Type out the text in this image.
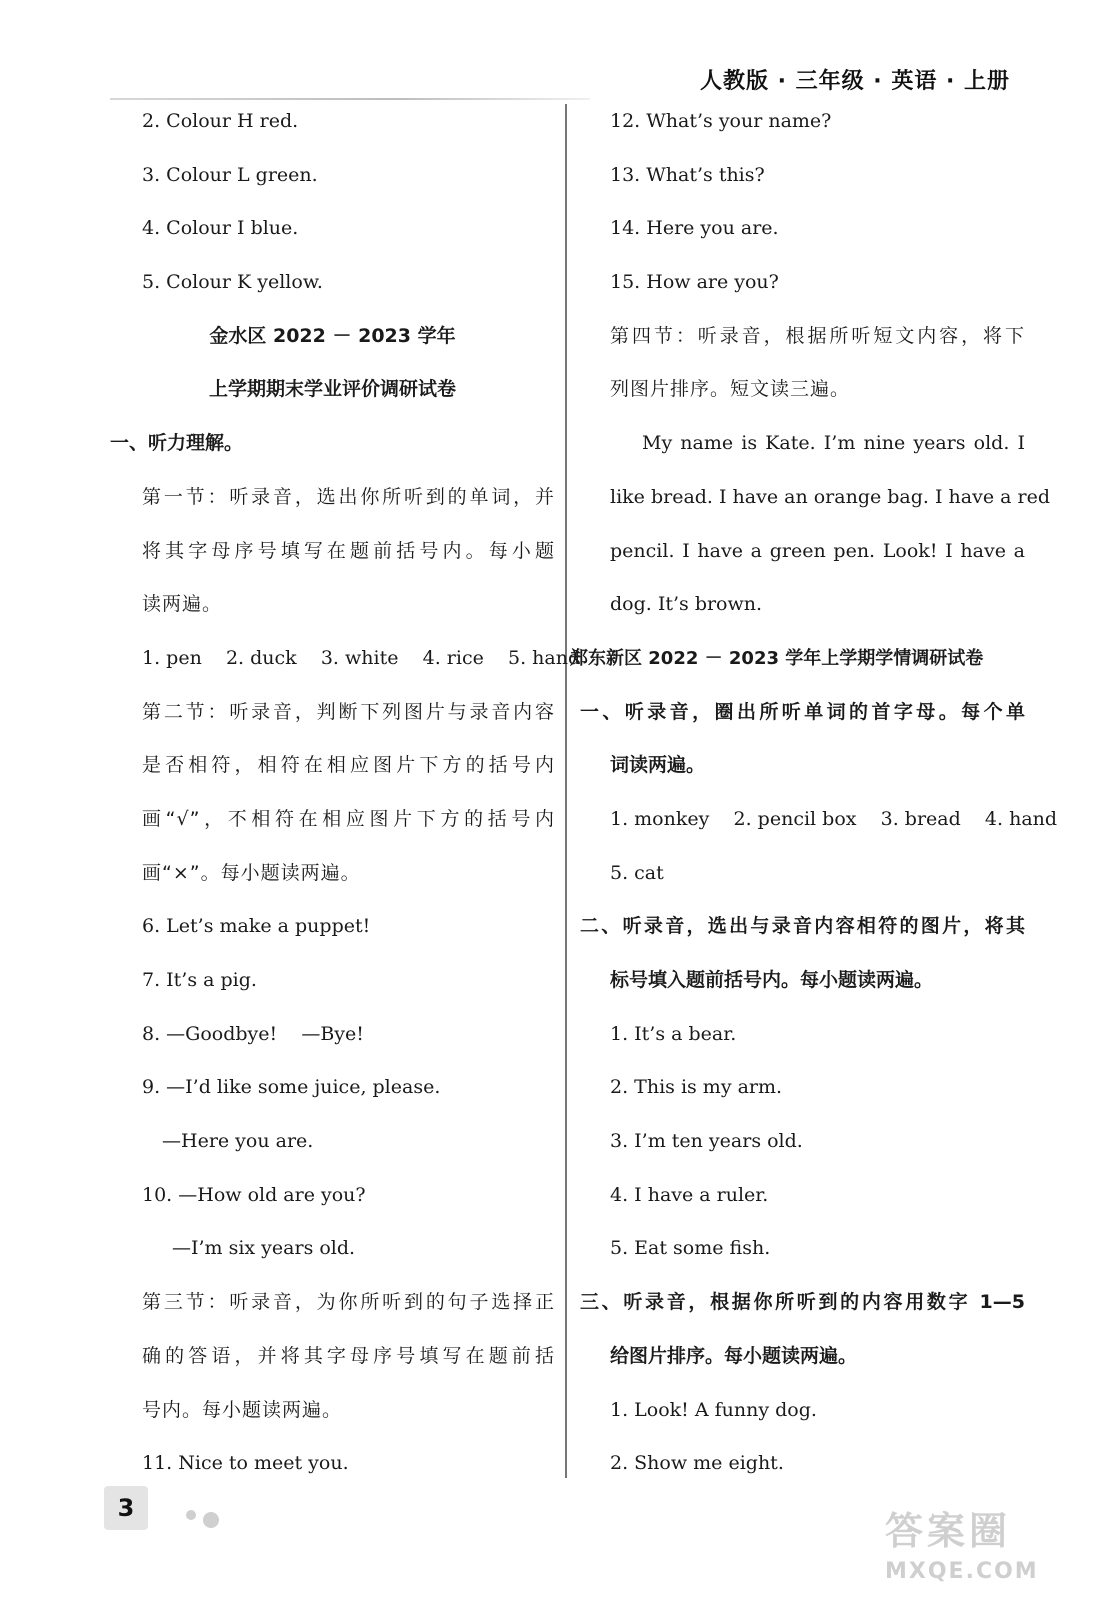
人教版 · 三年级 · 英语 · 上册
2. Colour H red.
3. Colour L green.
4. Colour I blue.
5. Colour K yellow.
金水区 2022 － 2023 学年
上学期期末学业评价调研试卷
一、听力理解。
第一节：听录音，选出你所听到的单词，并
将其字母序号填写在题前括号内。每小题
读两遍。
1. pen    2. duck    3. white    4. rice    5. hand
第二节：听录音，判断下列图片与录音内容
是否相符，相符在相应图片下方的括号内
画“√”，不相符在相应图片下方的括号内
画“×”。每小题读两遍。
6. Let’s make a puppet!
7. It’s a pig.
8. —Goodbye!    —Bye!
9. —I’d like some juice, please.
—Here you are.
10. —How old are you?
—I’m six years old.
第三节：听录音，为你所听到的句子选择正
确的答语，并将其字母序号填写在题前括
号内。每小题读两遍。
11. Nice to meet you.
12. What’s your name?
13. What’s this?
14. Here you are.
15. How are you?
第四节：听录音，根据所听短文内容，将下
列图片排序。短文读三遍。
My name is Kate. I’m nine years old. I
like bread. I have an orange bag. I have a red
pencil. I have a green pen. Look! I have a
dog. It’s brown.
郑东新区 2022 － 2023 学年上学期学情调研试卷
一、听录音，圈出所听单词的首字母。每个单
词读两遍。
1. monkey    2. pencil box    3. bread    4. hand
5. cat
二、听录音，选出与录音内容相符的图片，将其
标号填入题前括号内。每小题读两遍。
1. It’s a bear.
2. This is my arm.
3. I’m ten years old.
4. I have a ruler.
5. Eat some fish.
三、听录音，根据你所听到的内容用数字 1—5
给图片排序。每小题读两遍。
1. Look! A funny dog.
2. Show me eight.
3
答案圈
MXQE.COM
